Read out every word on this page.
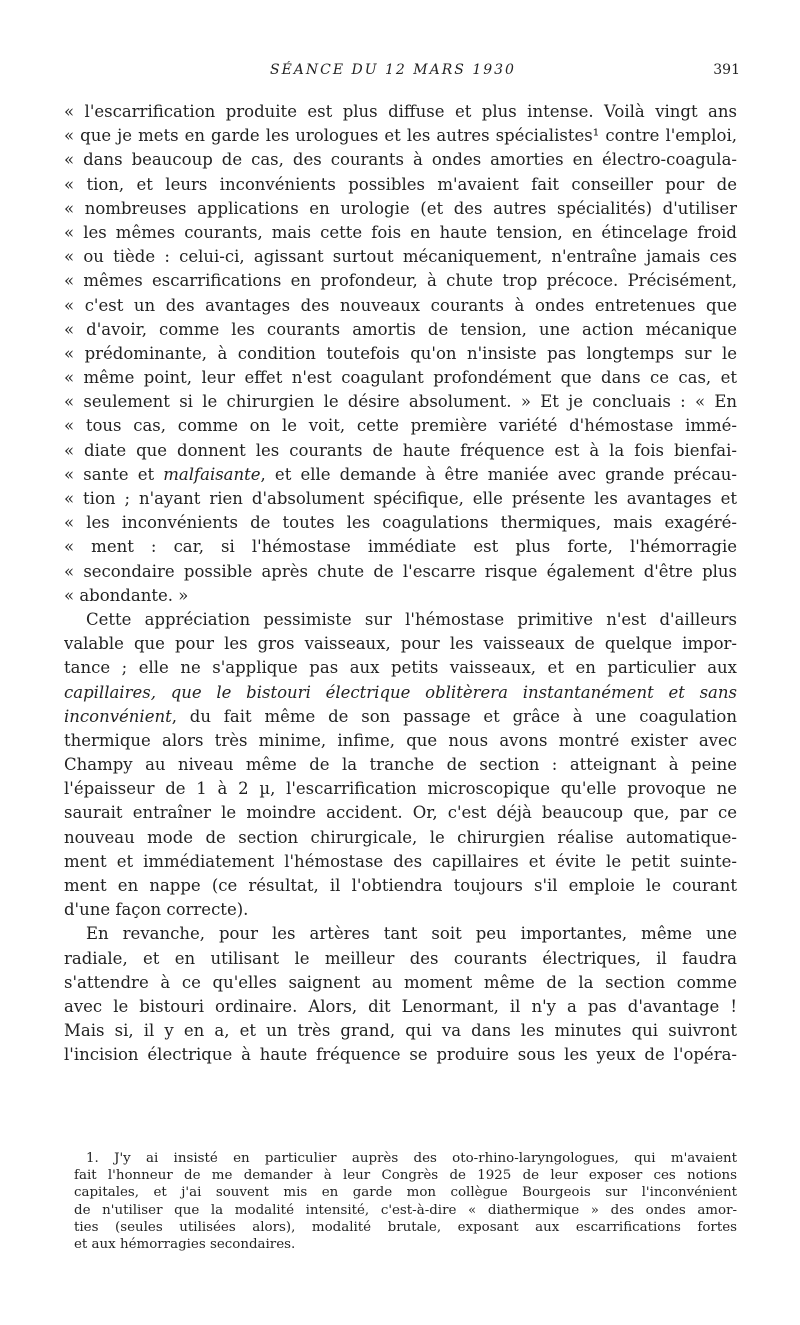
SÉANCE DU 12 MARS 1930	391
« l'escarrification produite est plus diffuse et plus intense. Voilà vingt ans
« que je mets en garde les urologues et les autres spécialistes¹ contre l'emploi,
« dans beaucoup de cas, des courants à ondes amorties en électro-coagula-
« tion, et leurs inconvénients possibles m'avaient fait conseiller pour de
« nombreuses applications en urologie (et des autres spécialités) d'utiliser
« les mêmes courants, mais cette fois en haute tension, en étincelage froid
« ou tiède : celui-ci, agissant surtout mécaniquement, n'entraîne jamais ces
« mêmes escarrifications en profondeur, à chute trop précoce. Précisément,
« c'est un des avantages des nouveaux courants à ondes entretenues que
« d'avoir, comme les courants amortis de tension, une action mécanique
« prédominante, à condition toutefois qu'on n'insiste pas longtemps sur le
« même point, leur effet n'est coagulant profondément que dans ce cas, et
« seulement si le chirurgien le désire absolument. » Et je concluais : « En
« tous cas, comme on le voit, cette première variété d'hémostase immé-
« diate que donnent les courants de haute fréquence est à la fois bienfai-
« sante et malfaisante, et elle demande à être maniée avec grande précau-
« tion ; n'ayant rien d'absolument spécifique, elle présente les avantages et
« les inconvénients de toutes les coagulations thermiques, mais exagéré-
« ment : car, si l'hémostase immédiate est plus forte, l'hémorragie
« secondaire possible après chute de l'escarre risque également d'être plus
« abondante. »
Cette appréciation pessimiste sur l'hémostase primitive n'est d'ailleurs
valable que pour les gros vaisseaux, pour les vaisseaux de quelque impor-
tance ; elle ne s'applique pas aux petits vaisseaux, et en particulier aux
capillaires, que le bistouri électrique oblitèrera instantanément et sans
inconvénient, du fait même de son passage et grâce à une coagulation
thermique alors très minime, infime, que nous avons montré exister avec
Champy au niveau même de la tranche de section : atteignant à peine
l'épaisseur de 1 à 2 µ, l'escarrification microscopique qu'elle provoque ne
saurait entraîner le moindre accident. Or, c'est déjà beaucoup que, par ce
nouveau mode de section chirurgicale, le chirurgien réalise automatique-
ment et immédiatement l'hémostase des capillaires et évite le petit suinte-
ment en nappe (ce résultat, il l'obtiendra toujours s'il emploie le courant
d'une façon correcte).
En revanche, pour les artères tant soit peu importantes, même une
radiale, et en utilisant le meilleur des courants électriques, il faudra
s'attendre à ce qu'elles saignent au moment même de la section comme
avec le bistouri ordinaire. Alors, dit Lenormant, il n'y a pas d'avantage !
Mais si, il y en a, et un très grand, qui va dans les minutes qui suivront
l'incision électrique à haute fréquence se produire sous les yeux de l'opéra-
1. J'y ai insisté en particulier auprès des oto-rhino-laryngologues, qui m'avaient
fait l'honneur de me demander à leur Congrès de 1925 de leur exposer ces notions
capitales, et j'ai souvent mis en garde mon collègue Bourgeois sur l'inconvénient
de n'utiliser que la modalité intensité, c'est-à-dire « diathermique » des ondes amor-
ties (seules utilisées alors), modalité brutale, exposant aux escarrifications fortes
et aux hémorragies secondaires.
